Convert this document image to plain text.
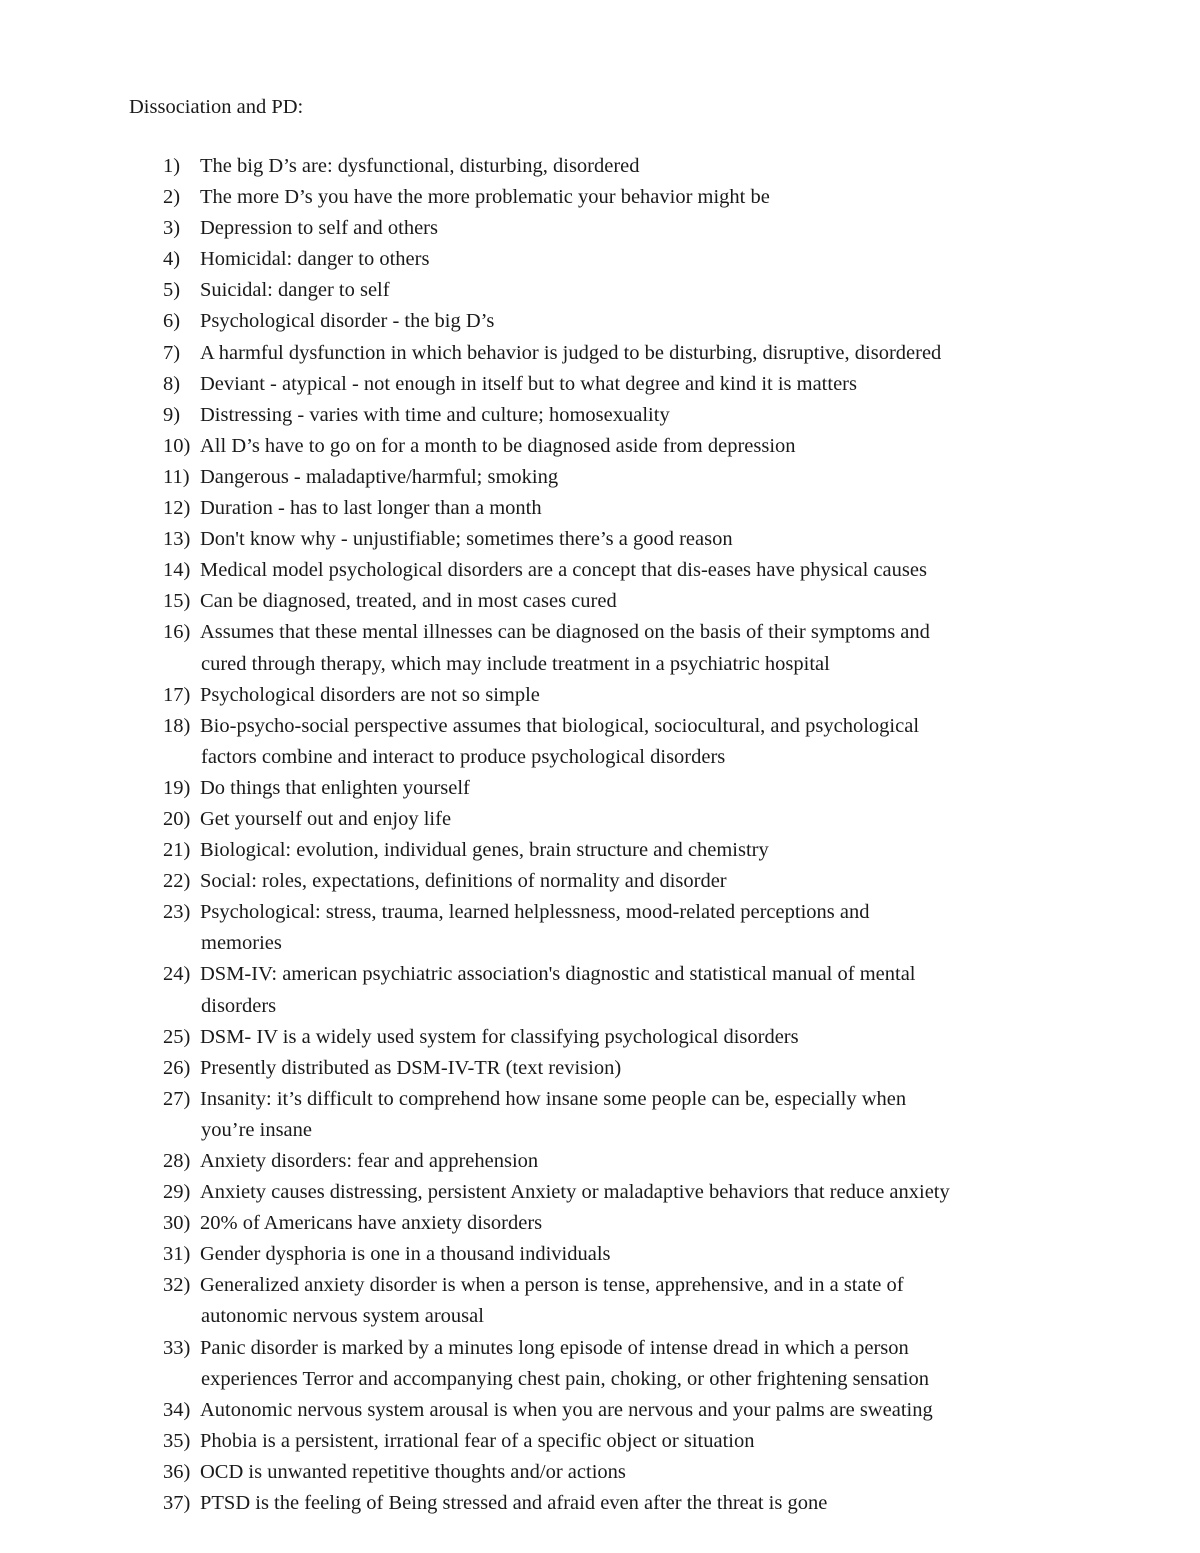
Dissociation and PD:
1) The big D’s are: dysfunctional, disturbing, disordered
2) The more D’s you have the more problematic your behavior might be
3) Depression to self and others
4) Homicidal: danger to others
5) Suicidal: danger to self
6) Psychological disorder - the big D’s
7) A harmful dysfunction in which behavior is judged to be disturbing, disruptive, disordered
8) Deviant - atypical - not enough in itself but to what degree and kind it is matters
9) Distressing - varies with time and culture; homosexuality
10) All D’s have to go on for a month to be diagnosed aside from depression
11) Dangerous - maladaptive/harmful; smoking
12) Duration - has to last longer than a month
13) Don't know why - unjustifiable; sometimes there’s a good reason
14) Medical model psychological disorders are a concept that dis-eases have physical causes
15) Can be diagnosed, treated, and in most cases cured
16) Assumes that these mental illnesses can be diagnosed on the basis of their symptoms and
cured through therapy, which may include treatment in a psychiatric hospital
17) Psychological disorders are not so simple
18) Bio-psycho-social perspective assumes that biological, sociocultural, and psychological
factors combine and interact to produce psychological disorders
19) Do things that enlighten yourself
20) Get yourself out and enjoy life
21) Biological: evolution, individual genes, brain structure and chemistry
22) Social: roles, expectations, definitions of normality and disorder
23) Psychological: stress, trauma, learned helplessness, mood-related perceptions and
memories
24) DSM-IV: american psychiatric association's diagnostic and statistical manual of mental
disorders
25) DSM- IV is a widely used system for classifying psychological disorders
26) Presently distributed as DSM-IV-TR (text revision)
27) Insanity: it’s difficult to comprehend how insane some people can be, especially when
you’re insane
28) Anxiety disorders: fear and apprehension
29) Anxiety causes distressing, persistent Anxiety or maladaptive behaviors that reduce anxiety
30) 20% of Americans have anxiety disorders
31) Gender dysphoria is one in a thousand individuals
32) Generalized anxiety disorder is when a person is tense, apprehensive, and in a state of
autonomic nervous system arousal
33) Panic disorder is marked by a minutes long episode of intense dread in which a person
experiences Terror and accompanying chest pain, choking, or other frightening sensation
34) Autonomic nervous system arousal is when you are nervous and your palms are sweating
35) Phobia is a persistent, irrational fear of a specific object or situation
36) OCD is unwanted repetitive thoughts and/or actions
37) PTSD is the feeling of Being stressed and afraid even after the threat is gone
